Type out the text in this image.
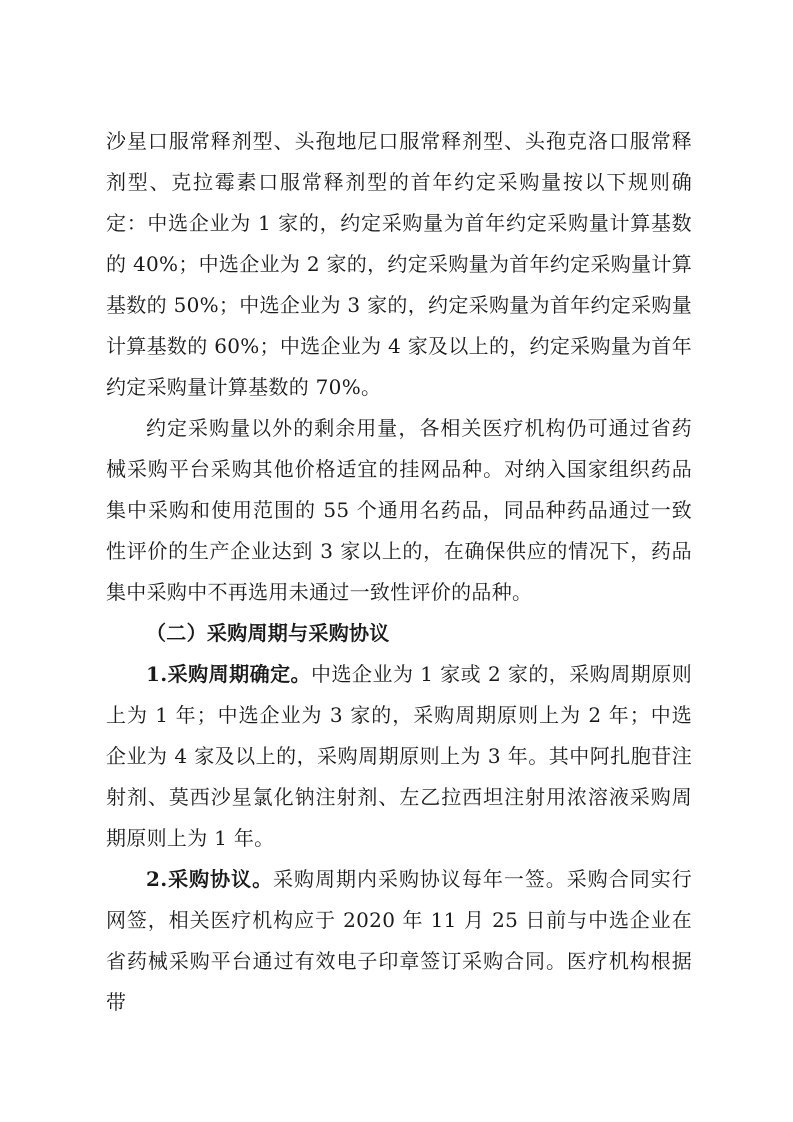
沙星口服常释剂型、头孢地尼口服常释剂型、头孢克洛口服常释剂型、克拉霉素口服常释剂型的首年约定采购量按以下规则确定：中选企业为 1 家的，约定采购量为首年约定采购量计算基数的 40%；中选企业为 2 家的，约定采购量为首年约定采购量计算基数的 50%；中选企业为 3 家的，约定采购量为首年约定采购量计算基数的 60%；中选企业为 4 家及以上的，约定采购量为首年约定采购量计算基数的 70%。

约定采购量以外的剩余用量，各相关医疗机构仍可通过省药械采购平台采购其他价格适宜的挂网品种。对纳入国家组织药品集中采购和使用范围的 55 个通用名药品，同品种药品通过一致性评价的生产企业达到 3 家以上的，在确保供应的情况下，药品集中采购中不再选用未通过一致性评价的品种。

（二）采购周期与采购协议

1.采购周期确定。中选企业为 1 家或 2 家的，采购周期原则上为 1 年；中选企业为 3 家的，采购周期原则上为 2 年；中选企业为 4 家及以上的，采购周期原则上为 3 年。其中阿扎胞苷注射剂、莫西沙星氯化钠注射剂、左乙拉西坦注射用浓溶液采购周期原则上为 1 年。

2.采购协议。采购周期内采购协议每年一签。采购合同实行网签，相关医疗机构应于 2020 年 11 月 25 日前与中选企业在省药械采购平台通过有效电子印章签订采购合同。医疗机构根据带
